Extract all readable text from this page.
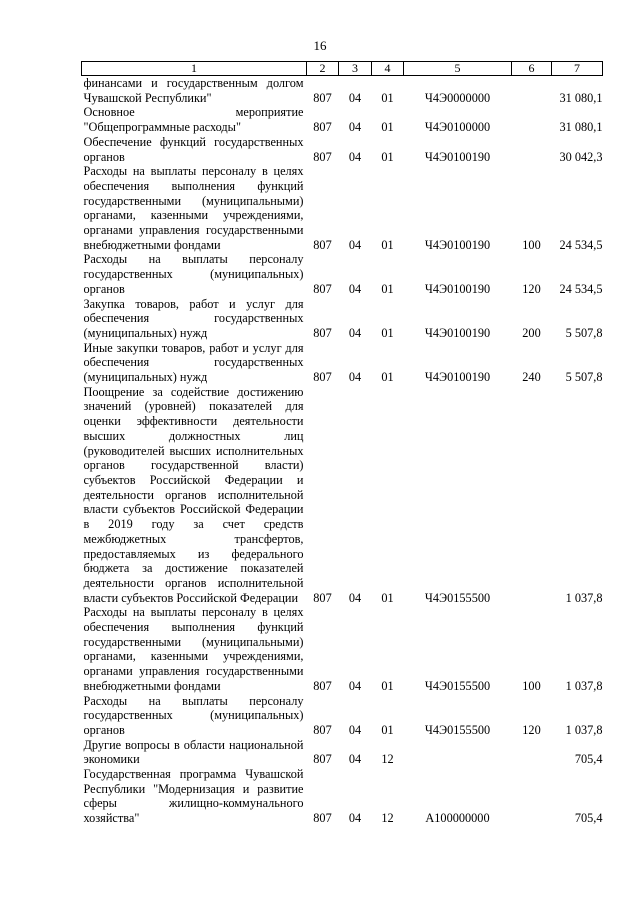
16
1	2	3	4	5	6	7
финансами и государственным долгом Чувашской Республики"	807	04	01	Ч4Э0000000		31 080,1
Основное мероприятие "Общепрограммные расходы"	807	04	01	Ч4Э0100000		31 080,1
Обеспечение функций государственных органов	807	04	01	Ч4Э0100190		30 042,3
Расходы на выплаты персоналу в целях обеспечения выполнения функций государственными (муниципальными) органами, казенными учреждениями, органами управления государственными внебюджетными фондами	807	04	01	Ч4Э0100190	100	24 534,5
Расходы на выплаты персоналу государственных (муниципальных) органов	807	04	01	Ч4Э0100190	120	24 534,5
Закупка товаров, работ и услуг для обеспечения государственных (муниципальных) нужд	807	04	01	Ч4Э0100190	200	5 507,8
Иные закупки товаров, работ и услуг для обеспечения государственных (муниципальных) нужд	807	04	01	Ч4Э0100190	240	5 507,8
Поощрение за содействие достижению значений (уровней) показателей для оценки эффективности деятельности высших должностных лиц (руководителей высших исполнительных органов государственной власти) субъектов Российской Федерации и деятельности органов исполнительной власти субъектов Российской Федерации в 2019 году за счет средств межбюджетных трансфертов, предоставляемых из федерального бюджета за достижение показателей деятельности органов исполнительной власти субъектов Российской Федерации	807	04	01	Ч4Э0155500		1 037,8
Расходы на выплаты персоналу в целях обеспечения выполнения функций государственными (муниципальными) органами, казенными учреждениями, органами управления государственными внебюджетными фондами	807	04	01	Ч4Э0155500	100	1 037,8
Расходы на выплаты персоналу государственных (муниципальных) органов	807	04	01	Ч4Э0155500	120	1 037,8
Другие вопросы в области национальной экономики	807	04	12			705,4
Государственная программа Чувашской Республики "Модернизация и развитие сферы жилищно-коммунального хозяйства"	807	04	12	A100000000		705,4
